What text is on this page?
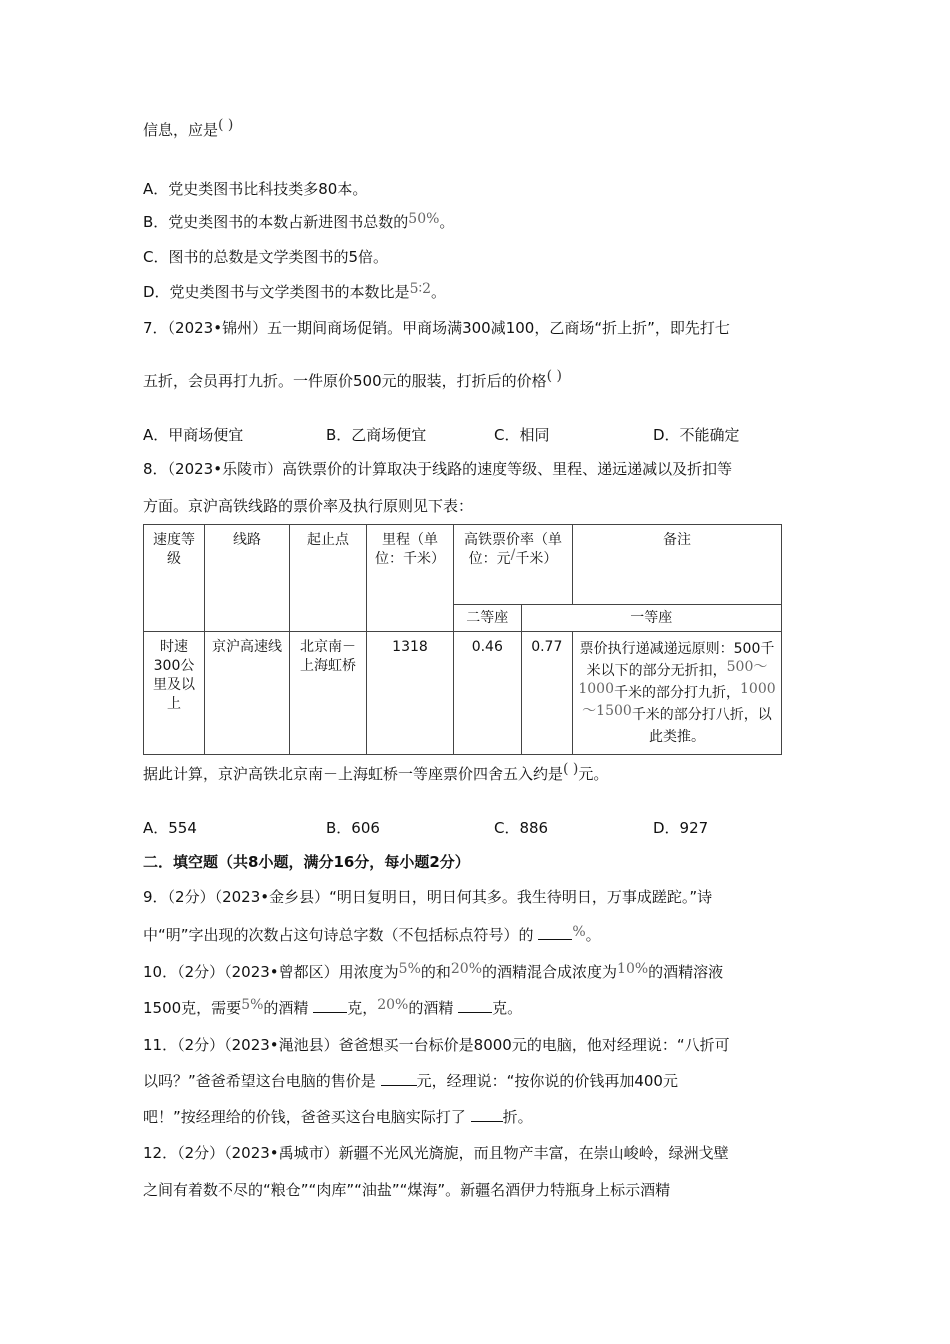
信息，应是( )
A．党史类图书比科技类多80本。
B．党史类图书的本数占新进图书总数的50%。
C．图书的总数是文学类图书的5倍。
D．党史类图书与文学类图书的本数比是5∶2。
7．（2023•锦州）五一期间商场促销。甲商场满300减100，乙商场“折上折”，即先打七
五折，会员再打九折。一件原价500元的服装，打折后的价格( )
A．甲商场便宜	B．乙商场便宜	C．相同	D．不能确定
8．（2023•乐陵市）高铁票价的计算取决于线路的速度等级、里程、递远递减以及折扣等
方面。京沪高铁线路的票价率及执行原则见下表：
速度等级	线路	起止点	里程（单位：千米）	高铁票价率（单位：元/千米）		备注

				二等座	一等座	

时速300公里及以上	京沪高速线	北京南－上海虹桥	1318	0.46	0.77	票价执行递减递远原则：500千米以下的部分无折扣，500～1000千米的部分打九折，1000～1500千米的部分打八折，以此类推。
据此计算，京沪高铁北京南－上海虹桥一等座票价四舍五入约是( )元。
A．554	B．606	C．886	D．927
二．填空题（共8小题，满分16分，每小题2分）
9．（2分）（2023•金乡县）“明日复明日，明日何其多。我生待明日，万事成蹉跎。”诗
中“明”字出现的次数占这句诗总字数（不包括标点符号）的	%。
10．（2分）（2023•曾都区）用浓度为5%的和20%的酒精混合成浓度为10%的酒精溶液
1500克，需要5%的酒精	克，20%的酒精	克。
11．（2分）（2023•渑池县）爸爸想买一台标价是8000元的电脑，他对经理说：“八折可
以吗？”爸爸希望这台电脑的售价是	元，经理说：“按你说的价钱再加400元
吧！”按经理给的价钱，爸爸买这台电脑实际打了 折。
12．（2分）（2023•禹城市）新疆不光风光旖旎，而且物产丰富，在崇山峻岭，绿洲戈壁
之间有着数不尽的“粮仓”“肉库”“油盐”“煤海”。新疆名酒伊力特瓶身上标示酒精
